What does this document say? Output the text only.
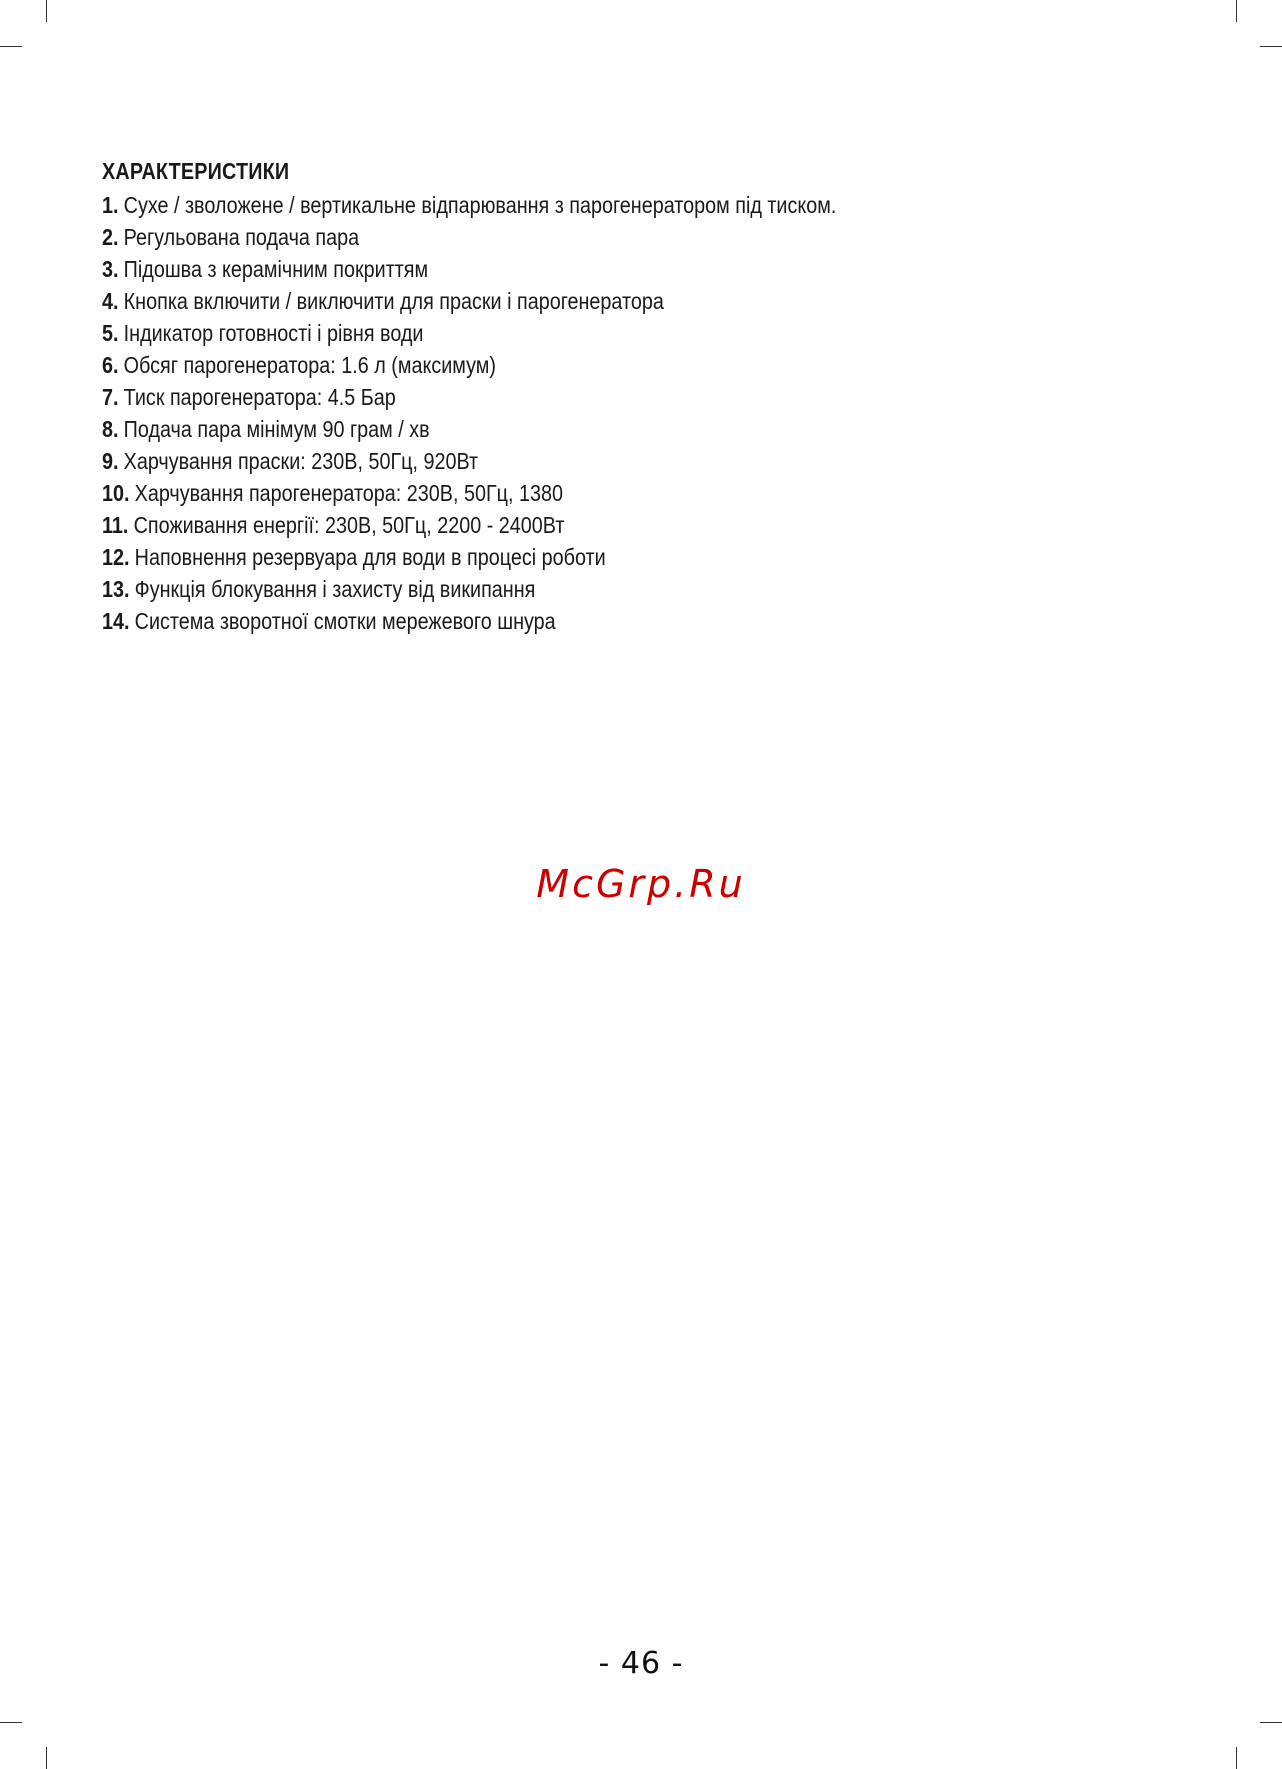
ХАРАКТЕРИСТИКИ
1. Сухе / зволожене / вертикальне відпарювання з парогенератором під тиском.
2. Регульована подача пара
3. Підошва з керамічним покриттям
4. Кнопка включити / виключити для праски і парогенератора
5. Індикатор готовності і рівня води
6. Обсяг парогенератора: 1.6 л (максимум)
7. Тиск парогенератора: 4.5 Бар
8. Подача пара мінімум 90 грам / хв
9. Харчування праски: 230В, 50Гц, 920Вт
10. Харчування парогенератора: 230В, 50Гц, 1380
11. Споживання енергії: 230В, 50Гц, 2200 - 2400Вт
12. Наповнення резервуара для води в процесі роботи
13. Функція блокування і захисту від википання
14. Система зворотної смотки мережевого шнура
McGrp.Ru
- 46 -
